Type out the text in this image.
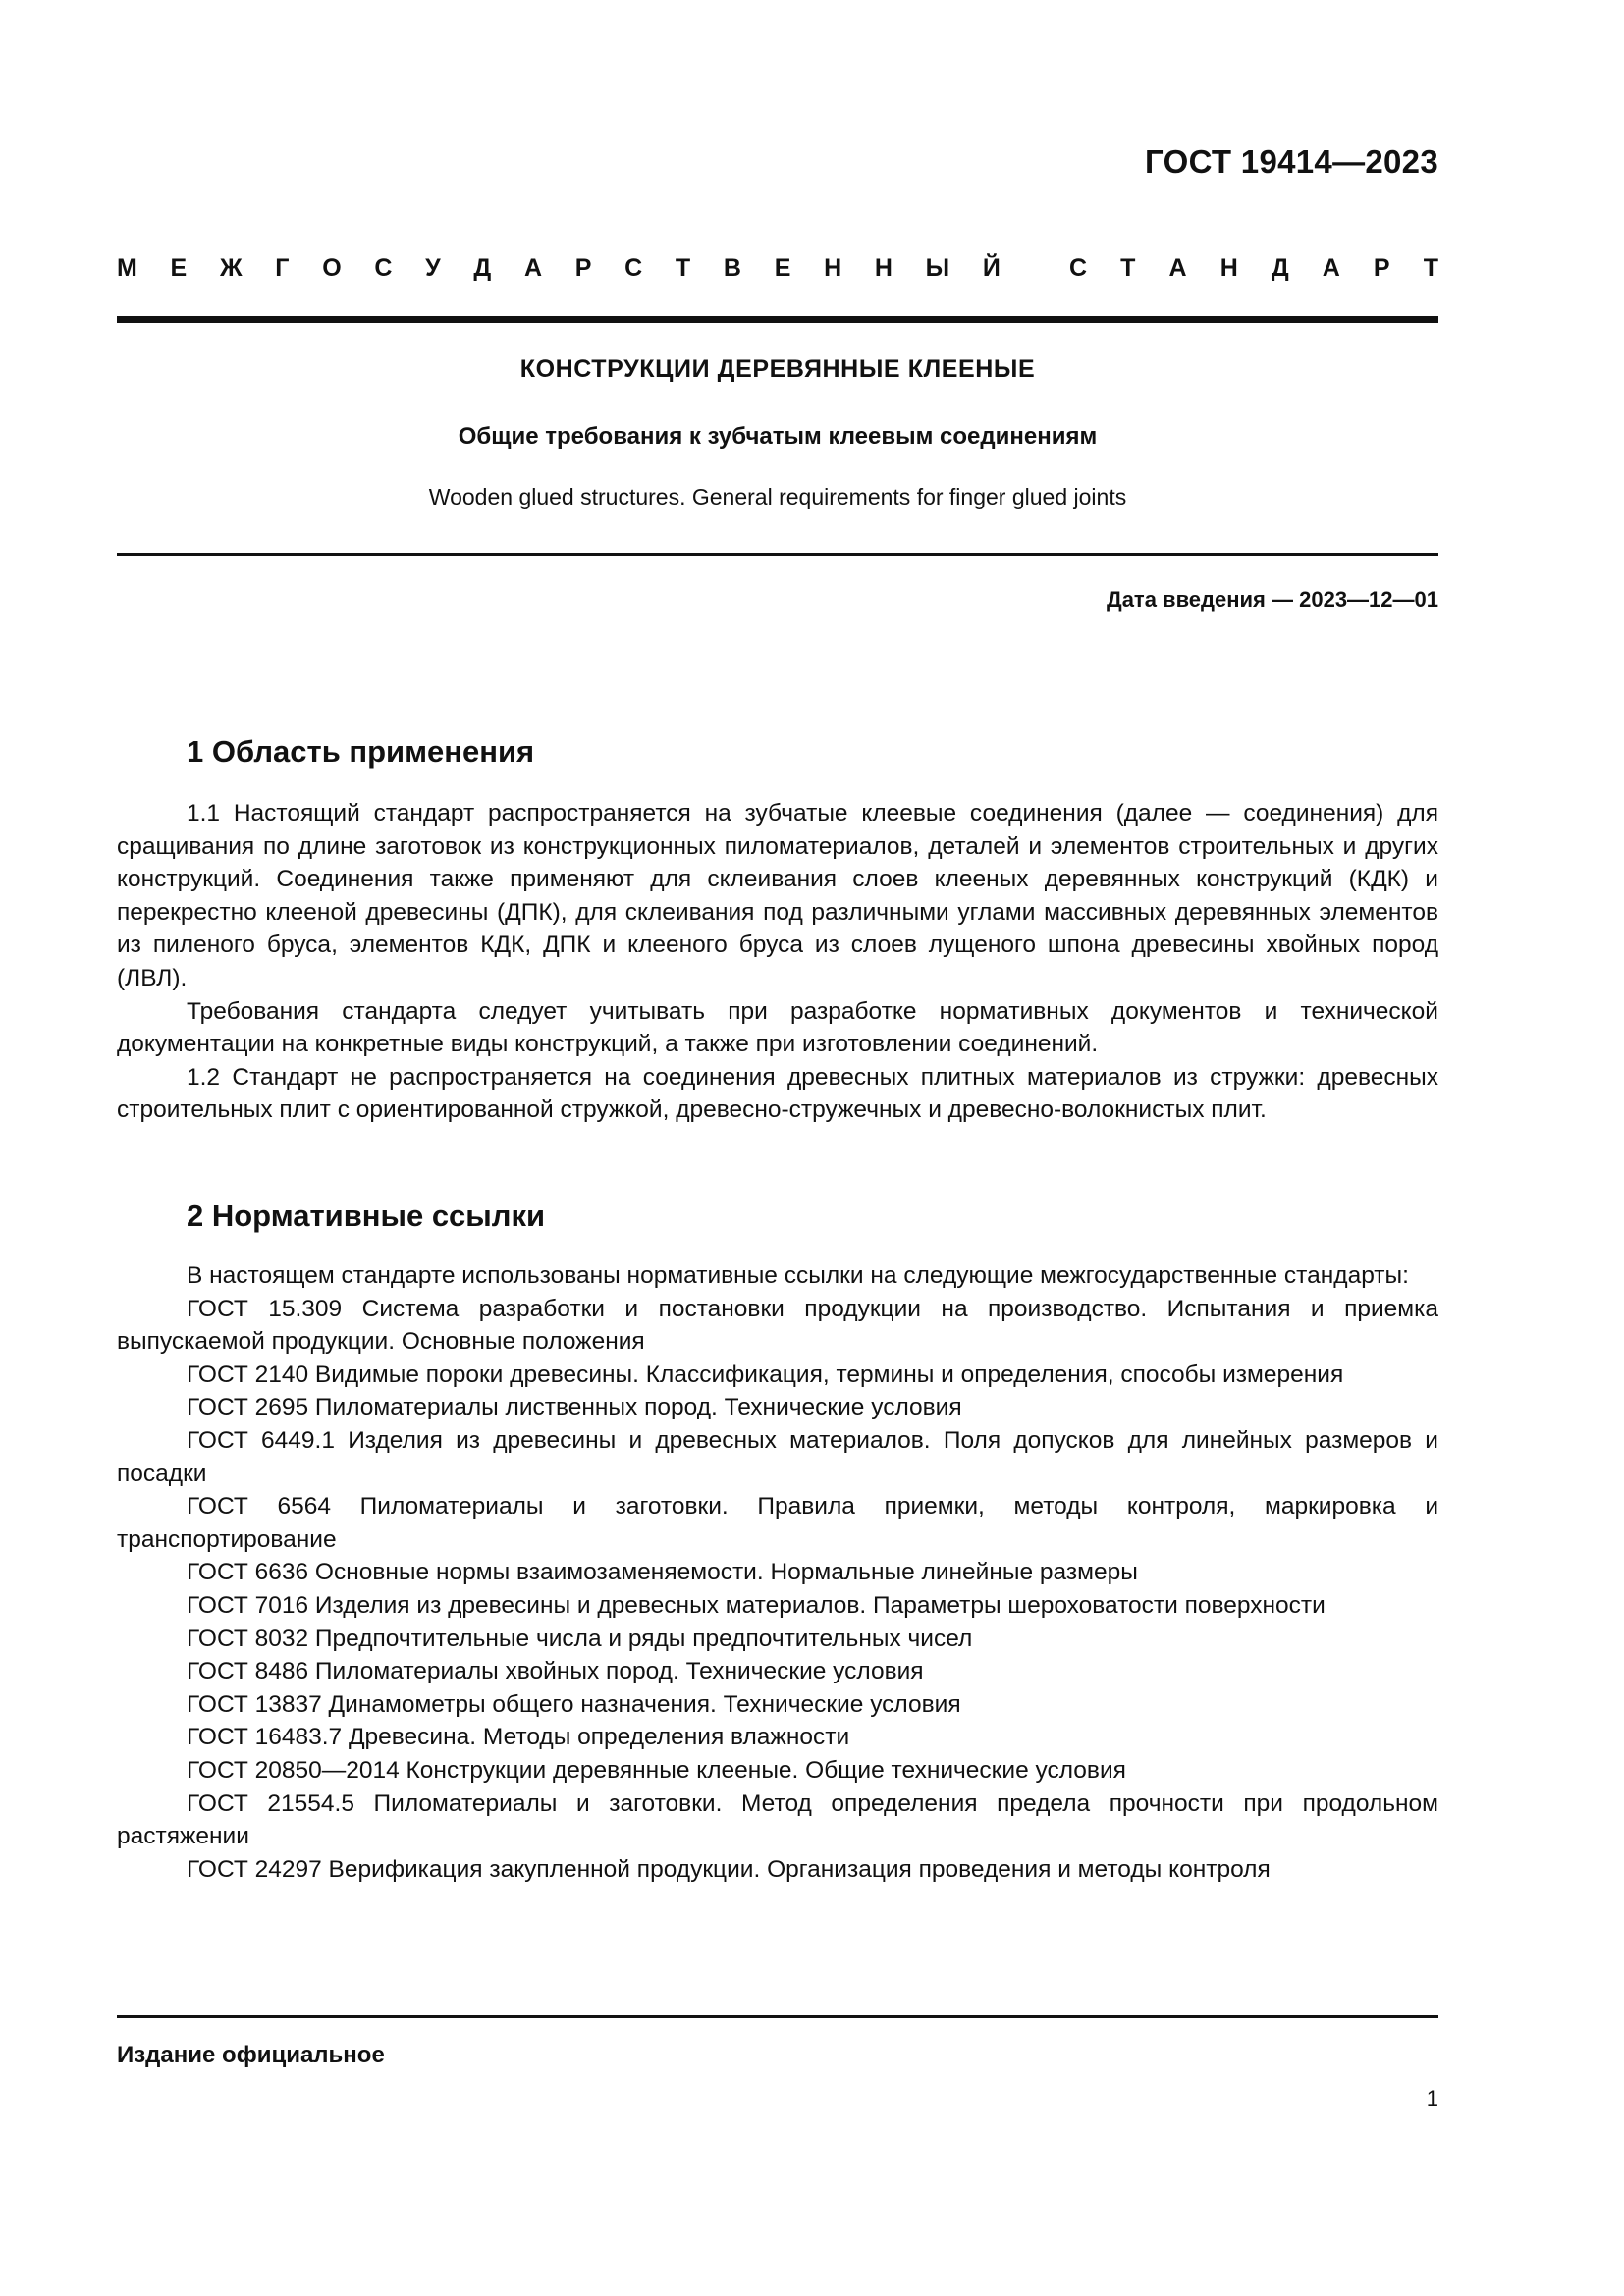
ГОСТ 19414—2023
М Е Ж Г О С У Д А Р С Т В Е Н Н Ы Й	С Т А Н Д А Р Т
КОНСТРУКЦИИ ДЕРЕВЯННЫЕ КЛЕЕНЫЕ
Общие требования к зубчатым клеевым соединениям
Wooden glued structures. General requirements for finger glued joints
Дата введения — 2023—12—01
1 Область применения

1.1 Настоящий стандарт распространяется на зубчатые клеевые соединения (далее — соединения) для сращивания по длине заготовок из конструкционных пиломатериалов, деталей и элементов строительных и других конструкций. Соединения также применяют для склеивания слоев клееных деревянных конструкций (КДК) и перекрестно клееной древесины (ДПК), для склеивания под различными углами массивных деревянных элементов из пиленого бруса, элементов КДК, ДПК и клееного бруса из слоев лущеного шпона древесины хвойных пород (ЛВЛ).

Требования стандарта следует учитывать при разработке нормативных документов и технической документации на конкретные виды конструкций, а также при изготовлении соединений.

1.2 Стандарт не распространяется на соединения древесных плитных материалов из стружки: древесных строительных плит с ориентированной стружкой, древесно-стружечных и древесно-волокнистых плит.

2 Нормативные ссылки

В настоящем стандарте использованы нормативные ссылки на следующие межгосударственные стандарты:

ГОСТ 15.309 Система разработки и постановки продукции на производство. Испытания и приемка выпускаемой продукции. Основные положения

ГОСТ 2140 Видимые пороки древесины. Классификация, термины и определения, способы измерения

ГОСТ 2695 Пиломатериалы лиственных пород. Технические условия

ГОСТ 6449.1 Изделия из древесины и древесных материалов. Поля допусков для линейных размеров и посадки

ГОСТ 6564 Пиломатериалы и заготовки. Правила приемки, методы контроля, маркировка и транспортирование

ГОСТ 6636 Основные нормы взаимозаменяемости. Нормальные линейные размеры

ГОСТ 7016 Изделия из древесины и древесных материалов. Параметры шероховатости поверхности

ГОСТ 8032 Предпочтительные числа и ряды предпочтительных чисел

ГОСТ 8486 Пиломатериалы хвойных пород. Технические условия

ГОСТ 13837 Динамометры общего назначения. Технические условия

ГОСТ 16483.7 Древесина. Методы определения влажности

ГОСТ 20850—2014 Конструкции деревянные клееные. Общие технические условия

ГОСТ 21554.5 Пиломатериалы и заготовки. Метод определения предела прочности при продольном растяжении

ГОСТ 24297 Верификация закупленной продукции. Организация проведения и методы контроля

Издание официальное
1
